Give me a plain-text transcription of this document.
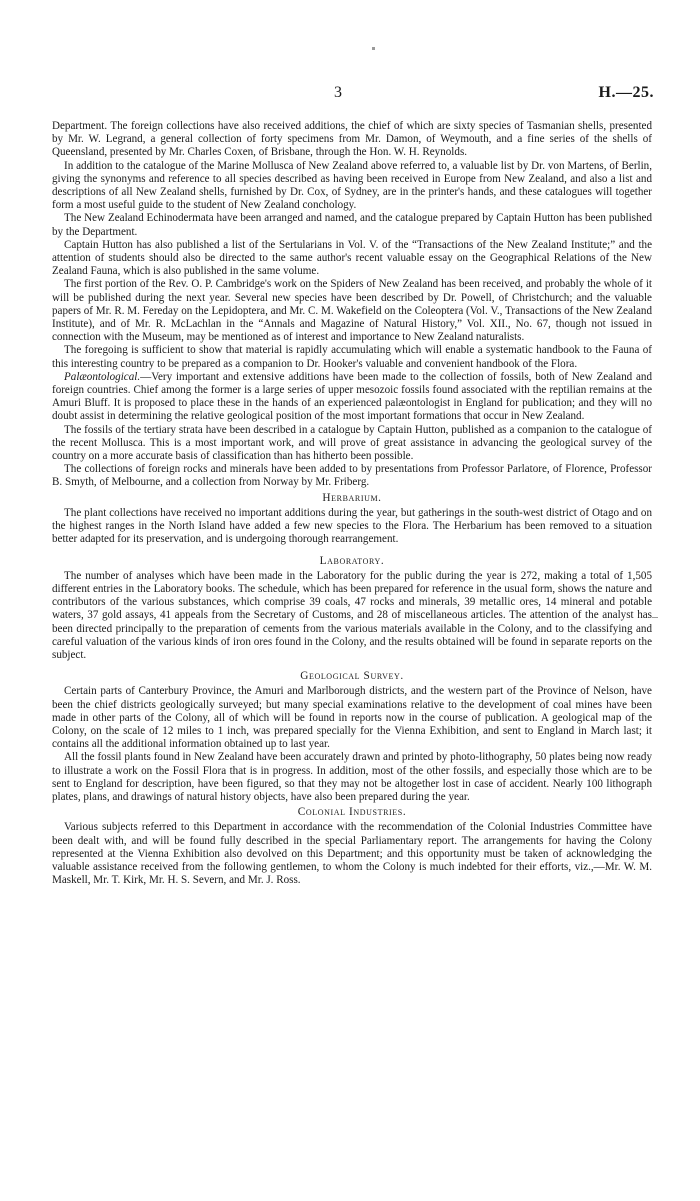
3	H.—25.

Department. The foreign collections have also received additions, the chief of which are sixty species of Tasmanian shells, presented by Mr. W. Legrand, a general collection of forty specimens from Mr. Damon, of Weymouth, and a fine series of the shells of Queensland, presented by Mr. Charles Coxen, of Brisbane, through the Hon. W. H. Reynolds.

In addition to the catalogue of the Marine Mollusca of New Zealand above referred to, a valuable list by Dr. von Martens, of Berlin, giving the synonyms and reference to all species described as having been received in Europe from New Zealand, and also a list and descriptions of all New Zealand shells, furnished by Dr. Cox, of Sydney, are in the printer's hands, and these catalogues will together form a most useful guide to the student of New Zealand conchology.

The New Zealand Echinodermata have been arranged and named, and the catalogue prepared by Captain Hutton has been published by the Department.

Captain Hutton has also published a list of the Sertularians in Vol. V. of the “Transactions of the New Zealand Institute;” and the attention of students should also be directed to the same author's recent valuable essay on the Geographical Relations of the New Zealand Fauna, which is also published in the same volume.

The first portion of the Rev. O. P. Cambridge's work on the Spiders of New Zealand has been received, and probably the whole of it will be published during the next year. Several new species have been described by Dr. Powell, of Christchurch; and the valuable papers of Mr. R. M. Fereday on the Lepidoptera, and Mr. C. M. Wakefield on the Coleoptera (Vol. V., Transactions of the New Zealand Institute), and of Mr. R. McLachlan in the “Annals and Magazine of Natural History,” Vol. XII., No. 67, though not issued in connection with the Museum, may be mentioned as of interest and importance to New Zealand naturalists.

The foregoing is sufficient to show that material is rapidly accumulating which will enable a systematic handbook to the Fauna of this interesting country to be prepared as a companion to Dr. Hooker's valuable and convenient handbook of the Flora.

Palæontological.—Very important and extensive additions have been made to the collection of fossils, both of New Zealand and foreign countries. Chief among the former is a large series of upper mesozoic fossils found associated with the reptilian remains at the Amuri Bluff. It is proposed to place these in the hands of an experienced palæontologist in England for publication; and they will no doubt assist in determining the relative geological position of the most important formations that occur in New Zealand.

The fossils of the tertiary strata have been described in a catalogue by Captain Hutton, published as a companion to the catalogue of the recent Mollusca. This is a most important work, and will prove of great assistance in advancing the geological survey of the country on a more accurate basis of classification than has hitherto been possible.

The collections of foreign rocks and minerals have been added to by presentations from Professor Parlatore, of Florence, Professor B. Smyth, of Melbourne, and a collection from Norway by Mr. Friberg.

Herbarium.

The plant collections have received no important additions during the year, but gatherings in the south-west district of Otago and on the highest ranges in the North Island have added a few new species to the Flora. The Herbarium has been removed to a situation better adapted for its preservation, and is undergoing thorough rearrangement.

Laboratory.

The number of analyses which have been made in the Laboratory for the public during the year is 272, making a total of 1,505 different entries in the Laboratory books. The schedule, which has been prepared for reference in the usual form, shows the nature and contributors of the various substances, which comprise 39 coals, 47 rocks and minerals, 39 metallic ores, 14 mineral and potable waters, 37 gold assays, 41 appeals from the Secretary of Customs, and 28 of miscellaneous articles. The attention of the analyst has been directed principally to the preparation of cements from the various materials available in the Colony, and to the classifying and careful valuation of the various kinds of iron ores found in the Colony, and the results obtained will be found in separate reports on the subject.

Geological Survey.

Certain parts of Canterbury Province, the Amuri and Marlborough districts, and the western part of the Province of Nelson, have been the chief districts geologically surveyed; but many special examinations relative to the development of coal mines have been made in other parts of the Colony, all of which will be found in reports now in the course of publication. A geological map of the Colony, on the scale of 12 miles to 1 inch, was prepared specially for the Vienna Exhibition, and sent to England in March last; it contains all the additional information obtained up to last year.

All the fossil plants found in New Zealand have been accurately drawn and printed by photo-lithography, 50 plates being now ready to illustrate a work on the Fossil Flora that is in progress. In addition, most of the other fossils, and especially those which are to be sent to England for description, have been figured, so that they may not be altogether lost in case of accident. Nearly 100 lithograph plates, plans, and drawings of natural history objects, have also been prepared during the year.

Colonial Industries.

Various subjects referred to this Department in accordance with the recommendation of the Colonial Industries Committee have been dealt with, and will be found fully described in the special Parliamentary report. The arrangements for having the Colony represented at the Vienna Exhibition also devolved on this Department; and this opportunity must be taken of acknowledging the valuable assistance received from the following gentlemen, to whom the Colony is much indebted for their efforts, viz.,—Mr. W. M. Maskell, Mr. T. Kirk, Mr. H. S. Severn, and Mr. J. Ross.
